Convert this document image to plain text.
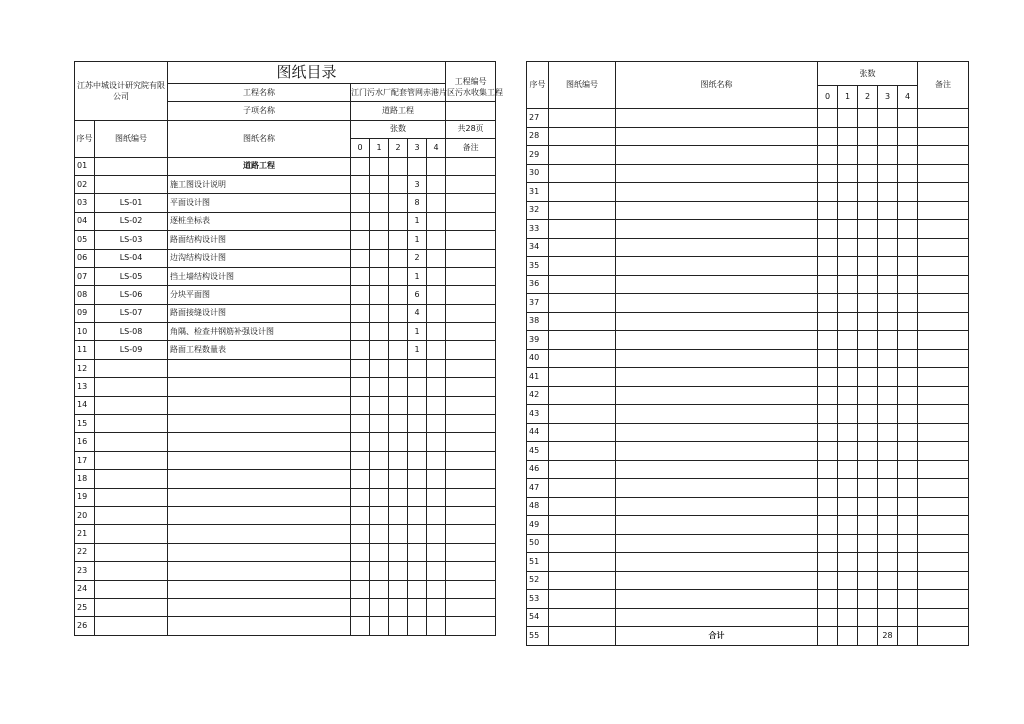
江苏中城设计研究院有限公司		图纸目录						工程编号
		工程名称	江门污水厂配套管网赤港片区污水收集工程					
		子项名称	道路工程					
序号	图纸编号	图纸名称	张数					共28页
			0	1	2	3	4	备注
01		道路工程						
02		施工图设计说明				3		
03	LS-01	平面设计图				8		
04	LS-02	逐桩坐标表				1		
05	LS-03	路面结构设计图				1		
06	LS-04	边沟结构设计图				2		
07	LS-05	挡土墙结构设计图				1		
08	LS-06	分块平面图				6		
09	LS-07	路面接缝设计图				4		
10	LS-08	角隅、检查井钢筋补强设计图				1		
11	LS-09	路面工程数量表				1		
12								
13								
14								
15								
16								
17								
18								
19								
20								
21								
22								
23								
24								
25								
26								
序号	图纸编号	图纸名称	张数					备注
			0	1	2	3	4	
27								
28								
29								
30								
31								
32								
33								
34								
35								
36								
37								
38								
39								
40								
41								
42								
43								
44								
45								
46								
47								
48								
49								
50								
51								
52								
53								
54								
55		合计				28		
